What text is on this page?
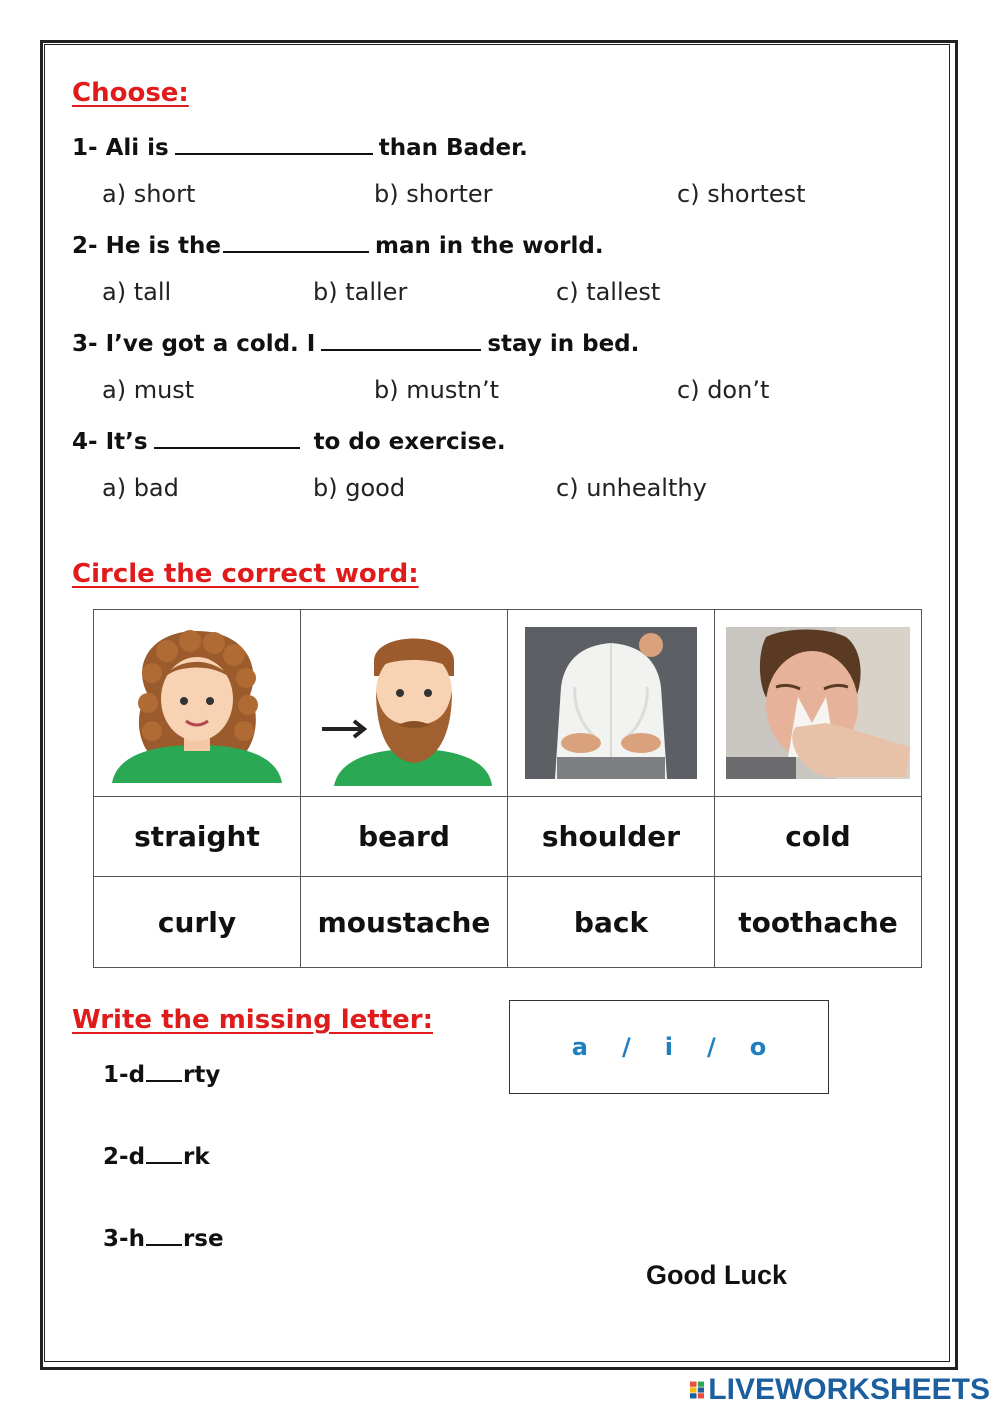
Choose:
1- Ali is	than Bader.
a) short	b) shorter	c) shortest
2- He is the	man in the world.
a) tall	b) taller	c) tallest
3- I’ve got a cold. I	stay in bed.
a) must	b) mustn’t	c) don’t
4- It’s	to do exercise.
a) bad	b) good	c) unhealthy
Circle the correct word:

straight	beard	shoulder	cold
curly	moustache	back	toothache
Write the missing letter:
a / i / o
1-d rty
2-d rk
3-h rse
Good Luck
LIVEWORKSHEETS
